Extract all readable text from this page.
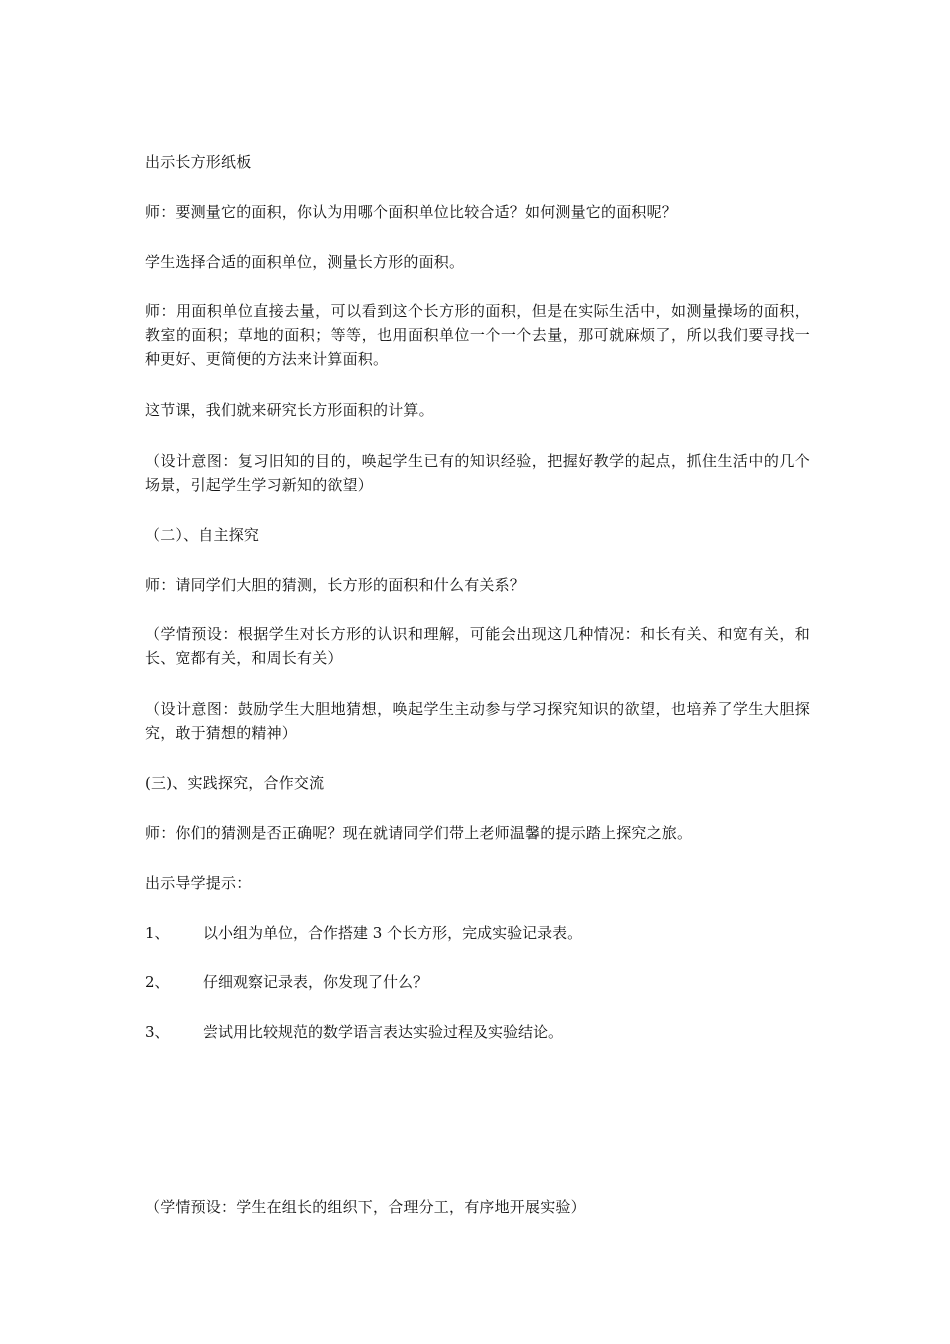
出示长方形纸板

师：要测量它的面积，你认为用哪个面积单位比较合适？如何测量它的面积呢？

学生选择合适的面积单位，测量长方形的面积。

师：用面积单位直接去量，可以看到这个长方形的面积，但是在实际生活中，如测量操场的面积，教室的面积；草地的面积；等等，也用面积单位一个一个去量，那可就麻烦了，所以我们要寻找一种更好、更简便的方法来计算面积。

这节课，我们就来研究长方形面积的计算。

（设计意图：复习旧知的目的，唤起学生已有的知识经验，把握好教学的起点，抓住生活中的几个场景，引起学生学习新知的欲望）

（二）、自主探究

师：请同学们大胆的猜测，长方形的面积和什么有关系？

（学情预设：根据学生对长方形的认识和理解，可能会出现这几种情况：和长有关、和宽有关，和长、宽都有关，和周长有关）

（设计意图：鼓励学生大胆地猜想，唤起学生主动参与学习探究知识的欲望，也培养了学生大胆探究，敢于猜想的精神）

(三)、实践探究，合作交流

师：你们的猜测是否正确呢？现在就请同学们带上老师温馨的提示踏上探究之旅。

出示导学提示：

1、 以小组为单位，合作搭建 3 个长方形，完成实验记录表。

2、 仔细观察记录表，你发现了什么？

3、 尝试用比较规范的数学语言表达实验过程及实验结论。

（学情预设：学生在组长的组织下，合理分工，有序地开展实验）
